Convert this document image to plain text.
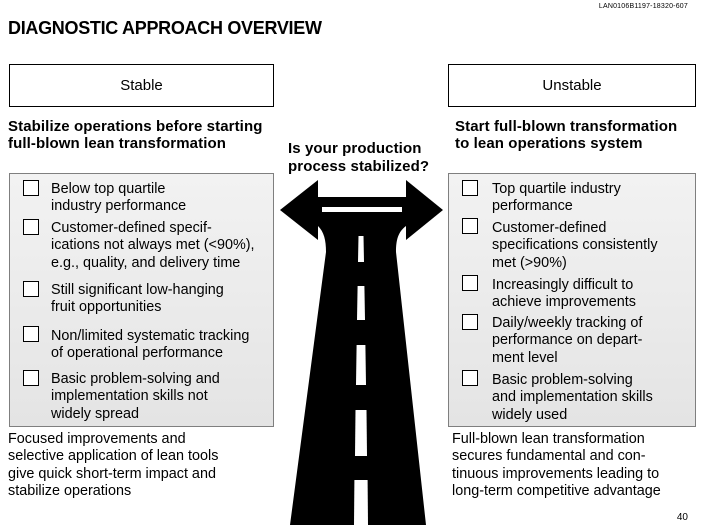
LAN0106B1197-18320-607
DIAGNOSTIC APPROACH OVERVIEW
Stable	Unstable
Stabilize operations before starting
full-blown lean transformation
Start full-blown transformation
to lean operations system
Is your production
process stabilized?
Below top quartile
industry performance
Customer-defined specif-
ications not always met (<90%),
e.g., quality, and delivery time
Still significant low-hanging
fruit opportunities
Non/limited systematic tracking
of operational performance
Basic problem-solving and
implementation skills not
widely spread
Top quartile industry
performance
Customer-defined
specifications consistently
met (>90%)
Increasingly difficult to
achieve improvements
Daily/weekly tracking of
performance on depart-
ment level
Basic problem-solving
and implementation skills
widely used
Focused improvements and
selective application of lean tools
give quick short-term impact and
stabilize operations
Full-blown lean transformation
secures fundamental and con-
tinuous improvements leading to
long-term competitive advantage
40
